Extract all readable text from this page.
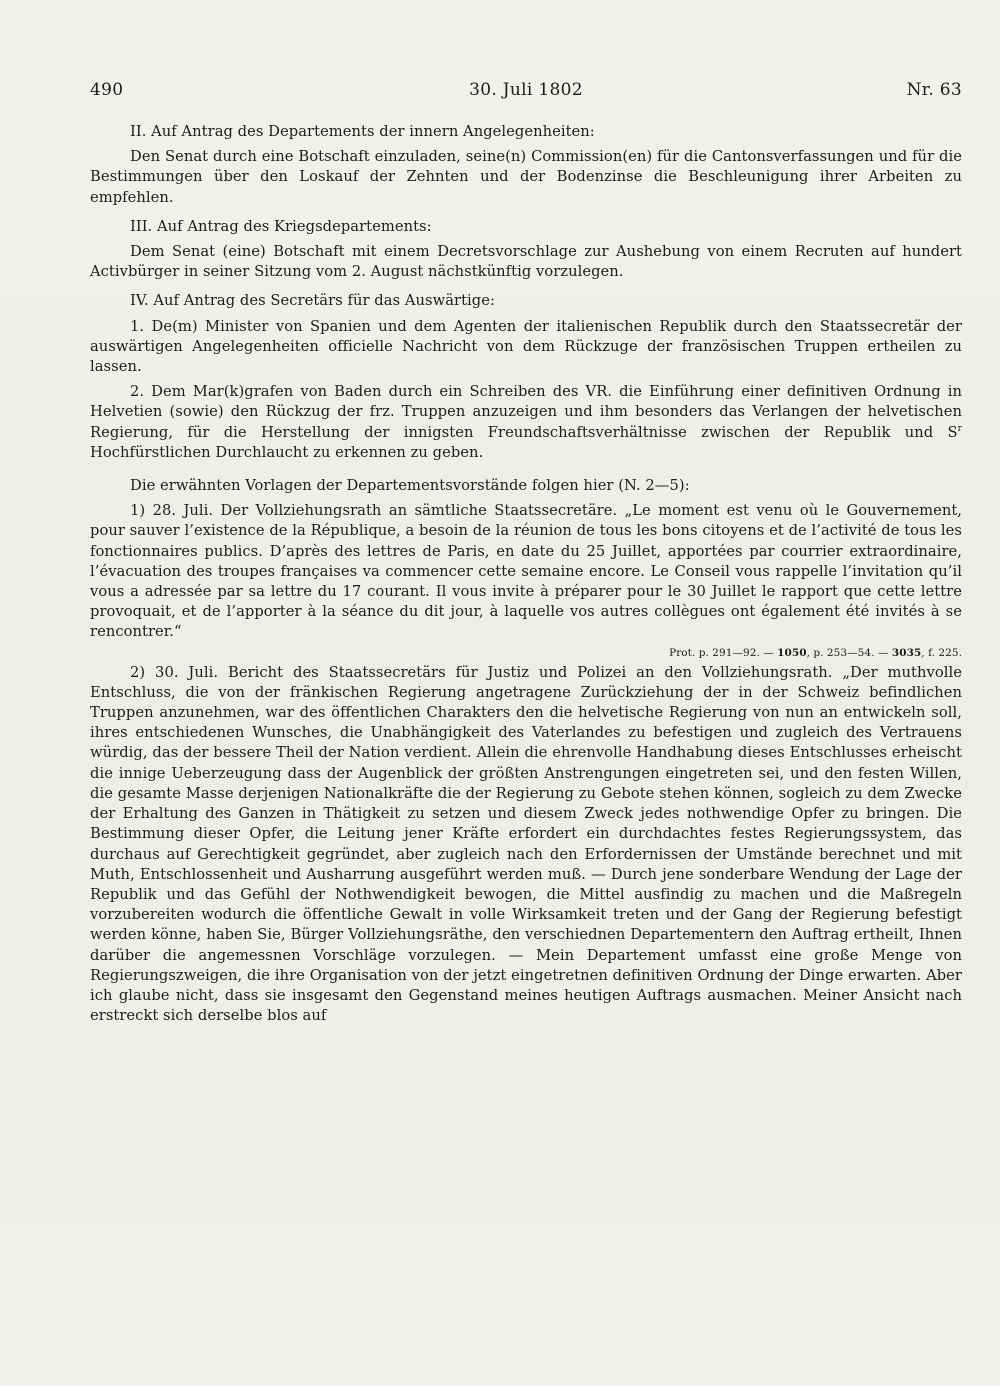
490	30. Juli 1802	Nr. 63

II. Auf Antrag des Departements der innern Angelegenheiten:

Den Senat durch eine Botschaft einzuladen, seine(n) Commission(en) für die Cantonsverfassungen und für die Bestimmungen über den Loskauf der Zehnten und der Bodenzinse die Beschleunigung ihrer Arbeiten zu empfehlen.

III. Auf Antrag des Kriegsdepartements:

Dem Senat (eine) Botschaft mit einem Decretsvorschlage zur Aushebung von einem Recruten auf hundert Activbürger in seiner Sitzung vom 2. August nächstkünftig vorzulegen.

IV. Auf Antrag des Secretärs für das Auswärtige:

1. De(m) Minister von Spanien und dem Agenten der italienischen Republik durch den Staatssecretär der auswärtigen Angelegenheiten officielle Nachricht von dem Rückzuge der französischen Truppen ertheilen zu lassen.

2. Dem Mar(k)grafen von Baden durch ein Schreiben des VR. die Einführung einer definitiven Ordnung in Helvetien (sowie) den Rückzug der frz. Truppen anzuzeigen und ihm besonders das Verlangen der helvetischen Regierung, für die Herstellung der innigsten Freundschaftsverhältnisse zwischen der Republik und $S^r$ Hochfürstlichen Durchlaucht zu erkennen zu geben.

Die erwähnten Vorlagen der Departementsvorstände folgen hier (N. 2—5):

1) 28. Juli. Der Vollziehungsrath an sämtliche Staatssecretäre. „Le moment est venu où le Gouvernement, pour sauver l’existence de la République, a besoin de la réunion de tous les bons citoyens et de l’activité de tous les fonctionnaires publics. D’après des lettres de Paris, en date du 25 Juillet, apportées par courrier extraordinaire, l’évacuation des troupes françaises va commencer cette semaine encore. Le Conseil vous rappelle l’invitation qu’il vous a adressée par sa lettre du 17 courant. Il vous invite à préparer pour le 30 Juillet le rapport que cette lettre provoquait, et de l’apporter à la séance du dit jour, à laquelle vos autres collègues ont également été invités à se rencontrer.“

Prot. p. 291—92. — 1050, p. 253—54. — 3035, f. 225.

2) 30. Juli. Bericht des Staatssecretärs für Justiz und Polizei an den Vollziehungsrath. „Der muthvolle Entschluss, die von der fränkischen Regierung angetragene Zurückziehung der in der Schweiz befindlichen Truppen anzunehmen, war des öffentlichen Charakters den die helvetische Regierung von nun an entwickeln soll, ihres entschiedenen Wunsches, die Unabhängigkeit des Vaterlandes zu befestigen und zugleich des Vertrauens würdig, das der bessere Theil der Nation verdient. Allein die ehrenvolle Handhabung dieses Entschlusses erheischt die innige Ueberzeugung dass der Augenblick der größten Anstrengungen eingetreten sei, und den festen Willen, die gesamte Masse derjenigen Nationalkräfte die der Regierung zu Gebote stehen können, sogleich zu dem Zwecke der Erhaltung des Ganzen in Thätigkeit zu setzen und diesem Zweck jedes nothwendige Opfer zu bringen. Die Bestimmung dieser Opfer, die Leitung jener Kräfte erfordert ein durchdachtes festes Regierungssystem, das durchaus auf Gerechtigkeit gegründet, aber zugleich nach den Erfordernissen der Umstände berechnet und mit Muth, Entschlossenheit und Ausharrung ausgeführt werden muß. — Durch jene sonderbare Wendung der Lage der Republik und das Gefühl der Nothwendigkeit bewogen, die Mittel ausfindig zu machen und die Maßregeln vorzubereiten wodurch die öffentliche Gewalt in volle Wirksamkeit treten und der Gang der Regierung befestigt werden könne, haben Sie, Bürger Vollziehungsräthe, den verschiednen Departementern den Auftrag ertheilt, Ihnen darüber die angemessnen Vorschläge vorzulegen. — Mein Departement umfasst eine große Menge von Regierungszweigen, die ihre Organisation von der jetzt eingetretnen definitiven Ordnung der Dinge erwarten. Aber ich glaube nicht, dass sie insgesamt den Gegenstand meines heutigen Auftrags ausmachen. Meiner Ansicht nach erstreckt sich derselbe blos auf
